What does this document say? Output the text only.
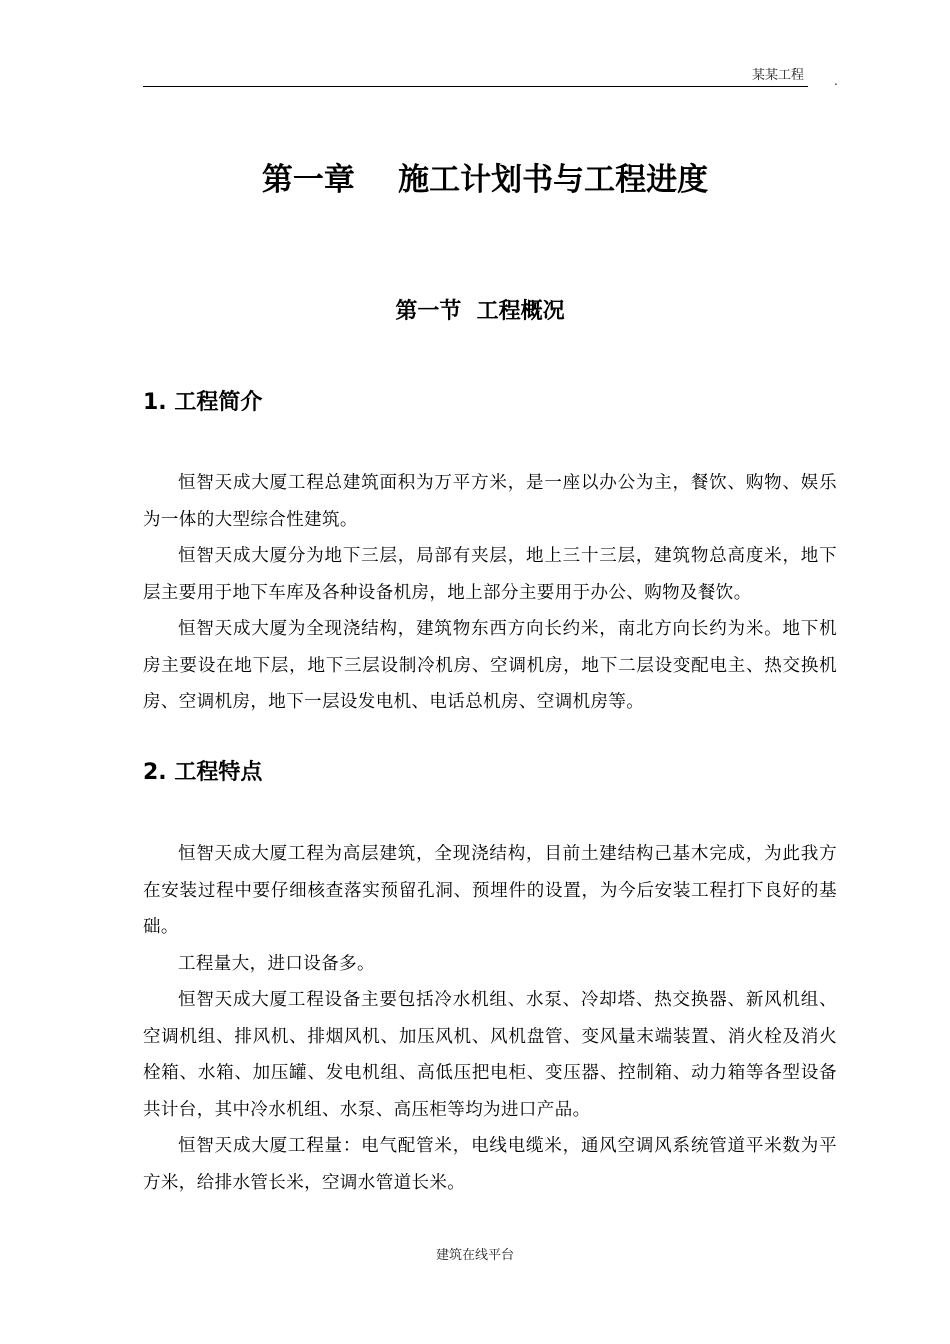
某某工程 .
第一章    施工计划书与工程进度
第一节  工程概况
1. 工程简介

恒智天成大厦工程总建筑面积为万平方米，是一座以办公为主，餐饮、购物、娱乐为一体的大型综合性建筑。

恒智天成大厦分为地下三层，局部有夹层，地上三十三层，建筑物总高度米，地下层主要用于地下车库及各种设备机房，地上部分主要用于办公、购物及餐饮。

恒智天成大厦为全现浇结构，建筑物东西方向长约米，南北方向长约为米。地下机房主要设在地下层，地下三层设制冷机房、空调机房，地下二层设变配电主、热交换机房、空调机房，地下一层设发电机、电话总机房、空调机房等。

2. 工程特点

恒智天成大厦工程为高层建筑，全现浇结构，目前土建结构己基木完成，为此我方在安装过程中要仔细核查落实预留孔洞、预埋件的设置，为今后安装工程打下良好的基础。

工程量大，进口设备多。

恒智天成大厦工程设备主要包括冷水机组、水泵、冷却塔、热交换器、新风机组、空调机组、排风机、排烟风机、加压风机、风机盘管、变风量末端装置、消火栓及消火栓箱、水箱、加压罐、发电机组、高低压把电柜、变压器、控制箱、动力箱等各型设备共计台，其中冷水机组、水泵、高压柜等均为进口产品。

恒智天成大厦工程量：电气配管米，电线电缆米，通风空调风系统管道平米数为平方米，给排水管长米，空调水管道长米。

建筑在线平台
